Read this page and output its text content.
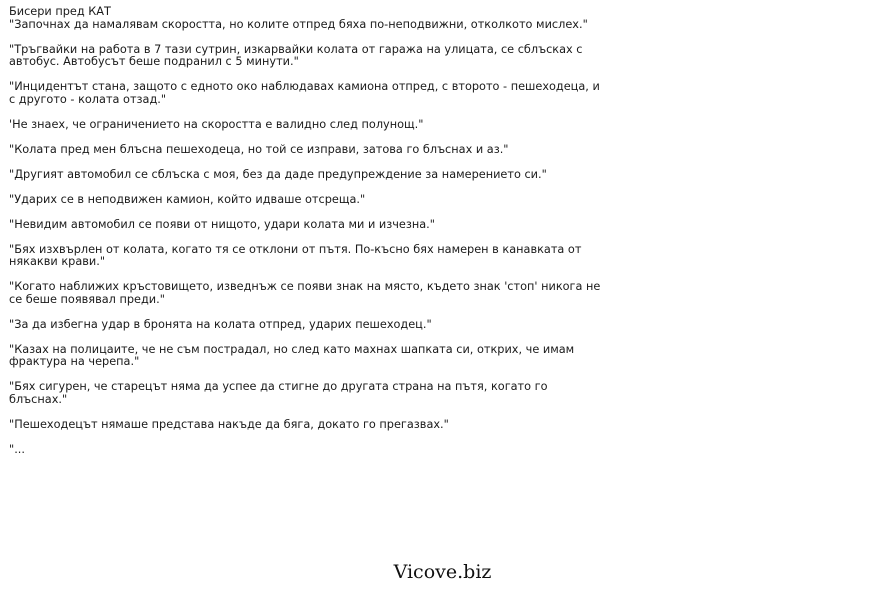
Бисери пред КАТ

"Започнах да намалявам скоростта, но колите отпред бяха по-неподвижни, отколкото мислех."

"Тръгвайки на работа в 7 тази сутрин, изкарвайки колата от гаража на улицата, се сблъсках с автобус. Автобусът беше подранил с 5 минути."

"Инцидентът стана, защото с едното око наблюдавах камиона отпред, с второто - пешеходеца, и с другото - колата отзад."

'Не знаех, че ограничението на скоростта е валидно след полунощ."

"Колата пред мен блъсна пешеходеца, но той се изправи, затова го блъснах и аз."

"Другият автомобил се сблъска с моя, без да даде предупреждение за намерението си."

"Ударих се в неподвижен камион, който идваше отсреща."

"Невидим автомобил се появи от нищото, удари колата ми и изчезна."

"Бях изхвърлен от колата, когато тя се отклони от пътя. По-късно бях намерен в канавката от някакви крави."

"Когато наближих кръстовището, изведнъж се появи знак на място, където знак 'стоп' никога не се беше появявал преди."

"За да избегна удар в бронята на колата отпред, ударих пешеходец."

"Казах на полицаите, че не съм пострадал, но след като махнах шапката си, открих, че имам фрактура на черепа."

"Бях сигурен, че старецът няма да успее да стигне до другата страна на пътя, когато го блъснах."

"Пешеходецът нямаше представа накъде да бяга, докато го прегазвах."

"...

Vicove.biz
